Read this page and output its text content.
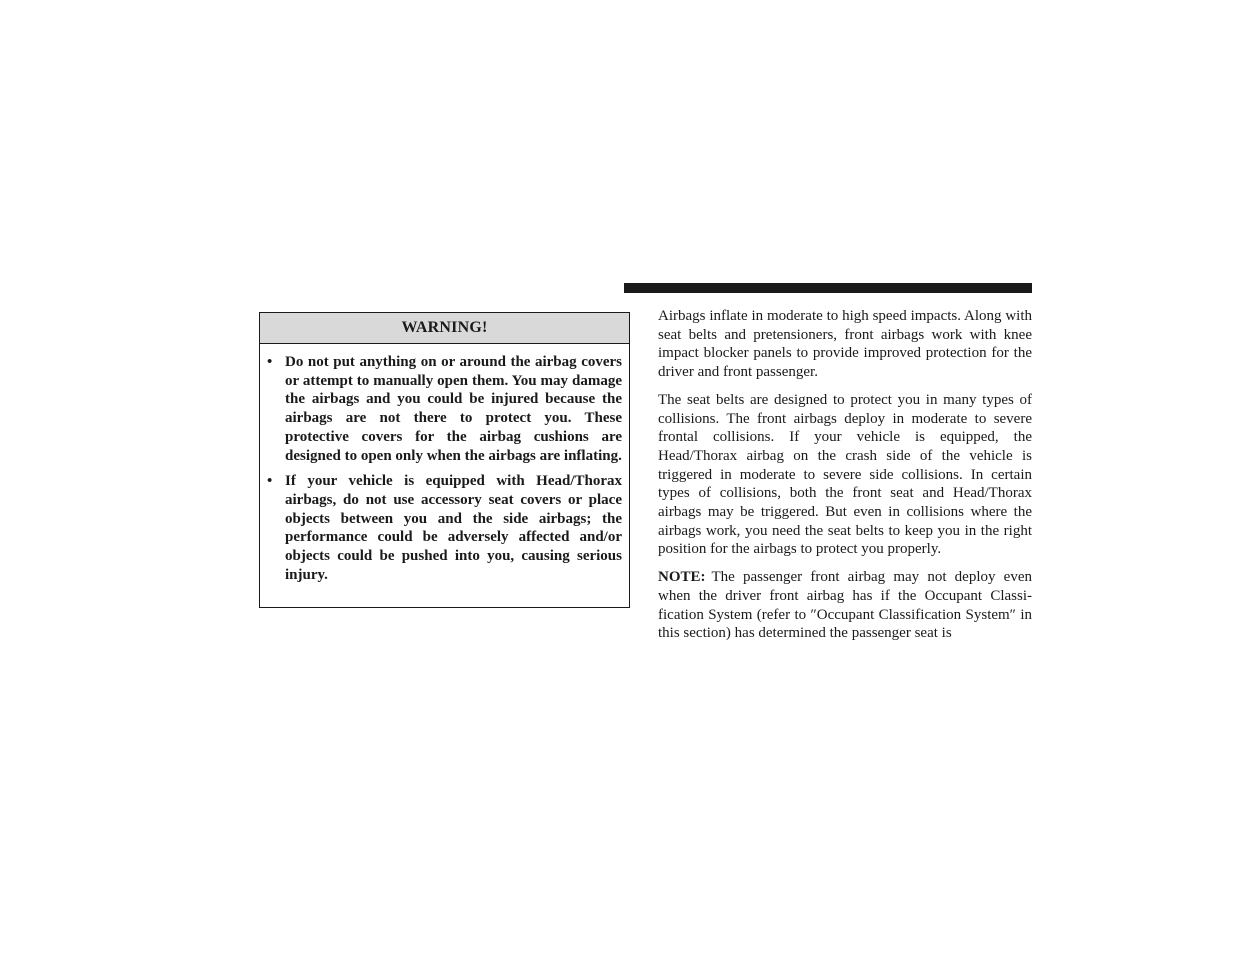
WARNING!
• Do not put anything on or around the airbag covers or attempt to manually open them. You may damage the airbags and you could be injured because the airbags are not there to protect you. These protective covers for the airbag cushions are designed to open only when the airbags are inflating.
• If your vehicle is equipped with Head/Thorax airbags, do not use accessory seat covers or place objects between you and the side airbags; the performance could be adversely affected and/or objects could be pushed into you, causing serious injury.

Airbags inflate in moderate to high speed impacts. Along with seat belts and pretensioners, front airbags work with knee impact blocker panels to provide improved protection for the driver and front passenger.

The seat belts are designed to protect you in many types of collisions. The front airbags deploy in moderate to severe frontal collisions. If your vehicle is equipped, the Head/Thorax airbag on the crash side of the vehicle is triggered in moderate to severe side collisions. In certain types of collisions, both the front seat and Head/Thorax airbags may be triggered. But even in collisions where the airbags work, you need the seat belts to keep you in the right position for the airbags to protect you properly.

NOTE: The passenger front airbag may not deploy even when the driver front airbag has if the Occupant Classification System (refer to ″Occupant Classification System″ in this section) has determined the passenger seat is
